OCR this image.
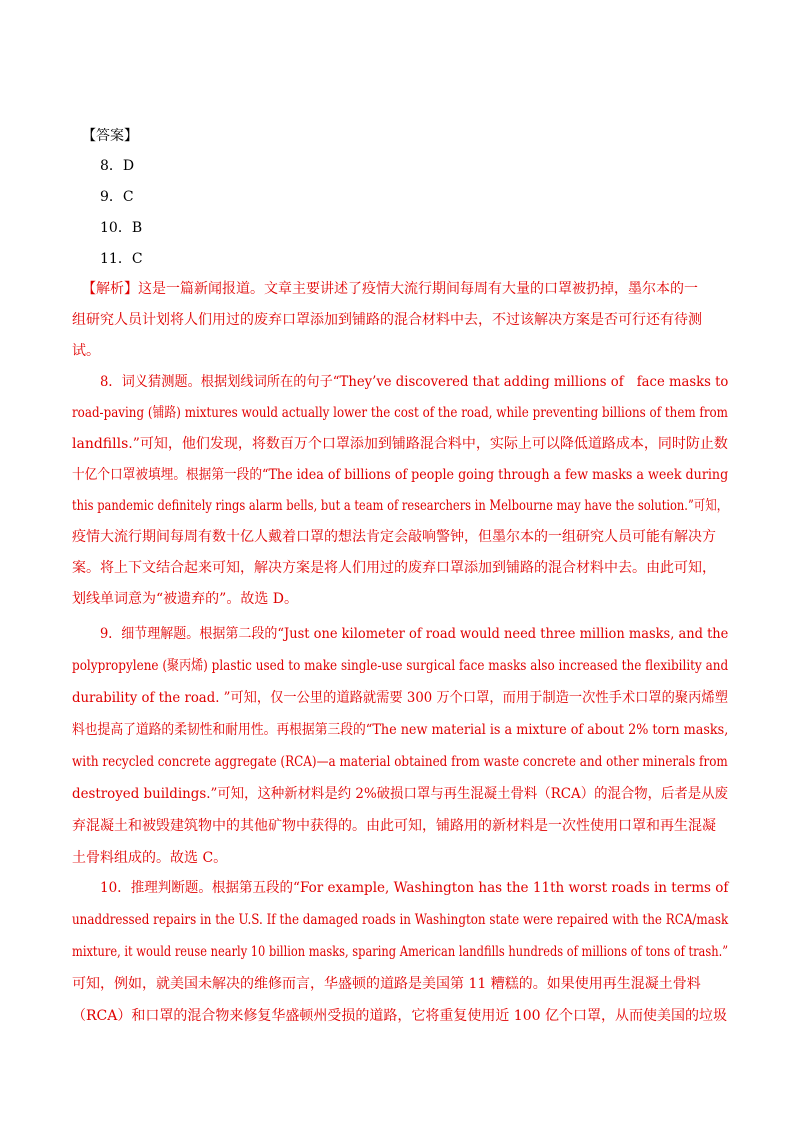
【答案】
8．D
9．C
10．B
11．C
【解析】这是一篇新闻报道。文章主要讲述了疫情大流行期间每周有大量的口罩被扔掉，墨尔本的一
组研究人员计划将人们用过的废弃口罩添加到铺路的混合材料中去，不过该解决方案是否可行还有待测
试。
8．词义猜测题。根据划线词所在的句子“They’ve discovered that adding millions of　face masks to
road-paving (铺路) mixtures would actually lower the cost of the road, while preventing billions of them from
landfills.”可知，他们发现，将数百万个口罩添加到铺路混合料中，实际上可以降低道路成本，同时防止数
十亿个口罩被填埋。根据第一段的“The idea of billions of people going through a few masks a week during
this pandemic definitely rings alarm bells, but a team of researchers in Melbourne may have the solution.”可知，
疫情大流行期间每周有数十亿人戴着口罩的想法肯定会敲响警钟，但墨尔本的一组研究人员可能有解决方
案。将上下文结合起来可知，解决方案是将人们用过的废弃口罩添加到铺路的混合材料中去。由此可知，
划线单词意为“被遗弃的”。故选 D。
9．细节理解题。根据第二段的“Just one kilometer of road would need three million masks, and the
polypropylene (聚丙烯) plastic used to make single-use surgical face masks also increased the flexibility and
durability of the road. ”可知，仅一公里的道路就需要 300 万个口罩，而用于制造一次性手术口罩的聚丙烯塑
料也提高了道路的柔韧性和耐用性。再根据第三段的“The new material is a mixture of about 2% torn masks,
with recycled concrete aggregate (RCA)—a material obtained from waste concrete and other minerals from
destroyed buildings.”可知，这种新材料是约 2%破损口罩与再生混凝土骨料（RCA）的混合物，后者是从废
弃混凝土和被毁建筑物中的其他矿物中获得的。由此可知，铺路用的新材料是一次性使用口罩和再生混凝
土骨料组成的。故选 C。
10．推理判断题。根据第五段的“For example, Washington has the 11th worst roads in terms of
unaddressed repairs in the U.S. If the damaged roads in Washington state were repaired with the RCA/mask
mixture, it would reuse nearly 10 billion masks, sparing American landfills hundreds of millions of tons of trash.”
可知，例如，就美国未解决的维修而言，华盛顿的道路是美国第 11 糟糕的。如果使用再生混凝土骨料
（RCA）和口罩的混合物来修复华盛顿州受损的道路，它将重复使用近 100 亿个口罩，从而使美国的垃圾
